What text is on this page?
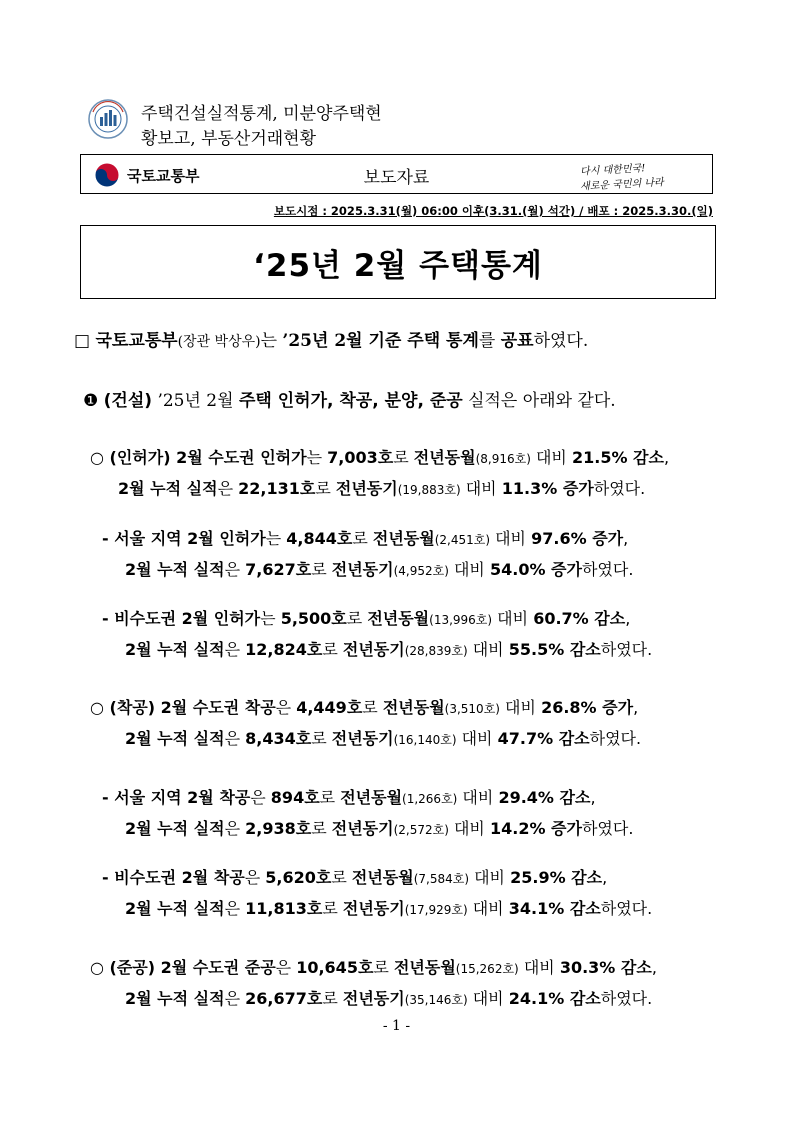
주택건설실적통계, 미분양주택현
황보고, 부동산거래현황
국토교통부	보도자료	다시 대한민국!
새로운 국민의 나라
보도시점 : 2025.3.31(월) 06:00 이후(3.31.(월) 석간) / 배포 : 2025.3.30.(일)
‘25년 2월 주택통계
□ 국토교통부(장관 박상우)는 ’25년 2월 기준 주택 통계를 공표하였다.
❶ (건설) ’25년 2월 주택 인허가, 착공, 분양, 준공 실적은 아래와 같다.
○ (인허가) 2월 수도권 인허가는 7,003호로 전년동월(8,916호) 대비 21.5% 감소,
2월 누적 실적은 22,131호로 전년동기(19,883호) 대비 11.3% 증가하였다.
- 서울 지역 2월 인허가는 4,844호로 전년동월(2,451호) 대비 97.6% 증가,
2월 누적 실적은 7,627호로 전년동기(4,952호) 대비 54.0% 증가하였다.
- 비수도권 2월 인허가는 5,500호로 전년동월(13,996호) 대비 60.7% 감소,
2월 누적 실적은 12,824호로 전년동기(28,839호) 대비 55.5% 감소하였다.
○ (착공) 2월 수도권 착공은 4,449호로 전년동월(3,510호) 대비 26.8% 증가,
2월 누적 실적은 8,434호로 전년동기(16,140호) 대비 47.7% 감소하였다.
- 서울 지역 2월 착공은 894호로 전년동월(1,266호) 대비 29.4% 감소,
2월 누적 실적은 2,938호로 전년동기(2,572호) 대비 14.2% 증가하였다.
- 비수도권 2월 착공은 5,620호로 전년동월(7,584호) 대비 25.9% 감소,
2월 누적 실적은 11,813호로 전년동기(17,929호) 대비 34.1% 감소하였다.
○ (준공) 2월 수도권 준공은 10,645호로 전년동월(15,262호) 대비 30.3% 감소,
2월 누적 실적은 26,677호로 전년동기(35,146호) 대비 24.1% 감소하였다.
- 1 -
